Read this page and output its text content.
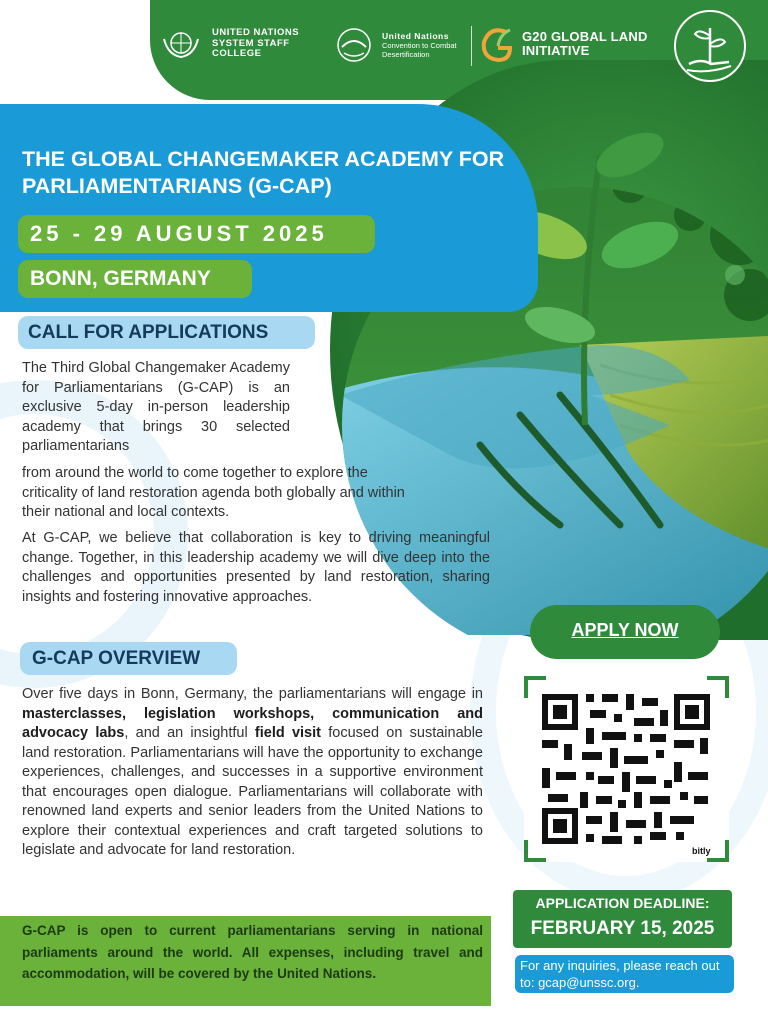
UNITED NATIONS SYSTEM STAFF COLLEGE
United Nations
Convention to Combat Desertification
G20 GLOBAL LAND INITIATIVE
THE GLOBAL CHANGEMAKER ACADEMY FOR PARLIAMENTARIANS (G-CAP)
25 - 29 AUGUST 2025
BONN, GERMANY
CALL FOR APPLICATIONS
The Third Global Changemaker Academy for Parliamentarians (G-CAP) is an exclusive 5-day in-person leadership academy that brings 30 selected parliamentarians
from around the world to come together to explore the criticality of land restoration agenda both globally and within their national and local contexts.
At G-CAP, we believe that collaboration is key to driving meaningful change. Together, in this leadership academy we will dive deep into the challenges and opportunities presented by land restoration, sharing insights and fostering innovative approaches.
G-CAP OVERVIEW
Over five days in Bonn, Germany, the parliamentarians will engage in masterclasses, legislation workshops, communication and advocacy labs, and an insightful field visit focused on sustainable land restoration. Parliamentarians will have the opportunity to exchange experiences, challenges, and successes in a supportive environment that encourages open dialogue. Parliamentarians will collaborate with renowned land experts and senior leaders from the United Nations to explore their contextual experiences and craft targeted solutions to legislate and advocate for land restoration.
G-CAP is open to current parliamentarians serving in national parliaments around the world. All expenses, including travel and accommodation, will be covered by the United Nations.
APPLY NOW
bitly
APPLICATION DEADLINE:
FEBRUARY 15, 2025
For any inquiries, please reach out to: gcap@unssc.org.
